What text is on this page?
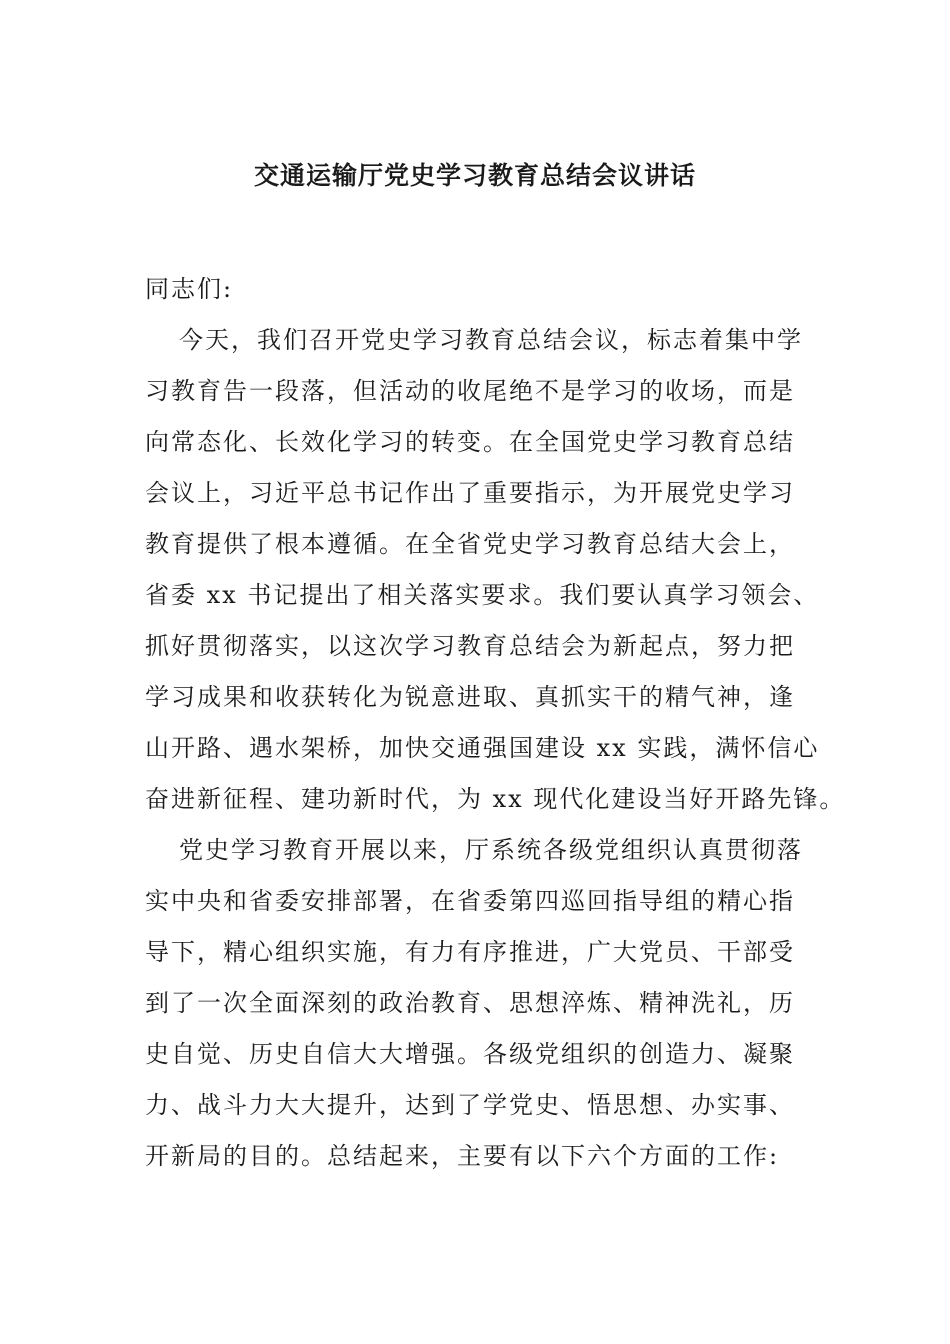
交通运输厅党史学习教育总结会议讲话
同志们:
今天，我们召开党史学习教育总结会议，标志着集中学
习教育告一段落，但活动的收尾绝不是学习的收场，而是
向常态化、长效化学习的转变。在全国党史学习教育总结
会议上，习近平总书记作出了重要指示，为开展党史学习
教育提供了根本遵循。在全省党史学习教育总结大会上，
省委 xx 书记提出了相关落实要求。我们要认真学习领会、
抓好贯彻落实，以这次学习教育总结会为新起点，努力把
学习成果和收获转化为锐意进取、真抓实干的精气神，逢
山开路、遇水架桥，加快交通强国建设 xx 实践，满怀信心
奋进新征程、建功新时代，为 xx 现代化建设当好开路先锋。
党史学习教育开展以来，厅系统各级党组织认真贯彻落
实中央和省委安排部署，在省委第四巡回指导组的精心指
导下，精心组织实施，有力有序推进，广大党员、干部受
到了一次全面深刻的政治教育、思想淬炼、精神洗礼，历
史自觉、历史自信大大增强。各级党组织的创造力、凝聚
力、战斗力大大提升，达到了学党史、悟思想、办实事、
开新局的目的。总结起来，主要有以下六个方面的工作:
